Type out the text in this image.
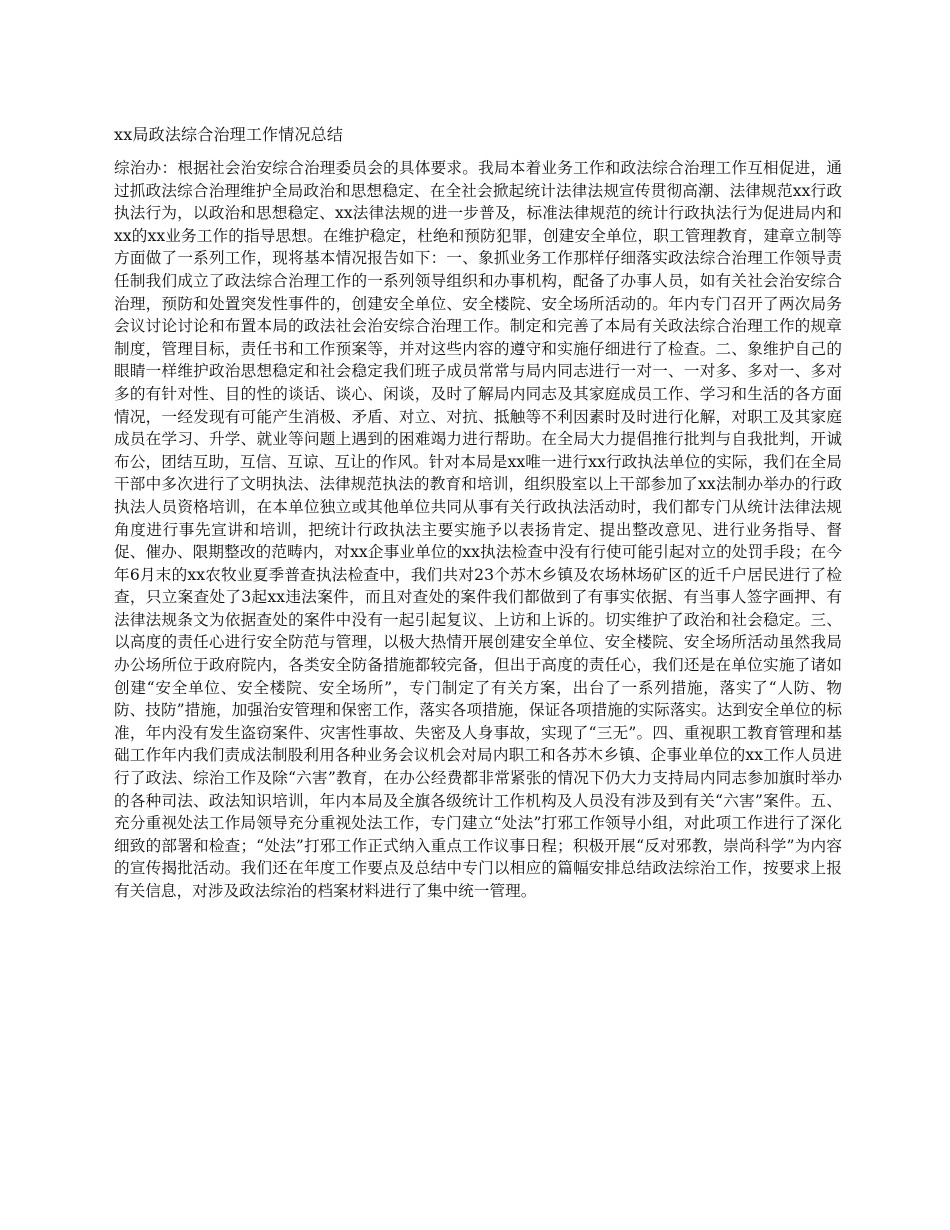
xx局政法综合治理工作情况总结

综治办：根据社会治安综合治理委员会的具体要求。我局本着业务工作和政法综合治理工作互相促进，通过抓政法综合治理维护全局政治和思想稳定、在全社会掀起统计法律法规宣传贯彻高潮、法律规范xx行政执法行为，以政治和思想稳定、xx法律法规的进一步普及，标准法律规范的统计行政执法行为促进局内和xx的xx业务工作的指导思想。在维护稳定，杜绝和预防犯罪，创建安全单位，职工管理教育，建章立制等方面做了一系列工作，现将基本情况报告如下：一、象抓业务工作那样仔细落实政法综合治理工作领导责任制我们成立了政法综合治理工作的一系列领导组织和办事机构，配备了办事人员，如有关社会治安综合治理，预防和处置突发性事件的，创建安全单位、安全楼院、安全场所活动的。年内专门召开了两次局务会议讨论讨论和布置本局的政法社会治安综合治理工作。制定和完善了本局有关政法综合治理工作的规章制度，管理目标，责任书和工作预案等，并对这些内容的遵守和实施仔细进行了检查。二、象维护自己的眼睛一样维护政治思想稳定和社会稳定我们班子成员常常与局内同志进行一对一、一对多、多对一、多对多的有针对性、目的性的谈话、谈心、闲谈，及时了解局内同志及其家庭成员工作、学习和生活的各方面情况，一经发现有可能产生消极、矛盾、对立、对抗、抵触等不利因素时及时进行化解，对职工及其家庭成员在学习、升学、就业等问题上遇到的困难竭力进行帮助。在全局大力提倡推行批判与自我批判，开诚布公，团结互助，互信、互谅、互让的作风。针对本局是xx唯一进行xx行政执法单位的实际，我们在全局干部中多次进行了文明执法、法律规范执法的教育和培训，组织股室以上干部参加了xx法制办举办的行政执法人员资格培训，在本单位独立或其他单位共同从事有关行政执法活动时，我们都专门从统计法律法规角度进行事先宣讲和培训，把统计行政执法主要实施予以表扬肯定、提出整改意见、进行业务指导、督促、催办、限期整改的范畴内，对xx企事业单位的xx执法检查中没有行使可能引起对立的处罚手段；在今年6月末的xx农牧业夏季普查执法检查中，我们共对23个苏木乡镇及农场林场矿区的近千户居民进行了检查，只立案查处了3起xx违法案件，而且对查处的案件我们都做到了有事实依据、有当事人签字画押、有法律法规条文为依据查处的案件中没有一起引起复议、上访和上诉的。切实维护了政治和社会稳定。三、以高度的责任心进行安全防范与管理，以极大热情开展创建安全单位、安全楼院、安全场所活动虽然我局办公场所位于政府院内，各类安全防备措施都较完备，但出于高度的责任心，我们还是在单位实施了诸如创建“安全单位、安全楼院、安全场所”，专门制定了有关方案，出台了一系列措施，落实了“人防、物防、技防”措施，加强治安管理和保密工作，落实各项措施，保证各项措施的实际落实。达到安全单位的标准，年内没有发生盗窃案件、灾害性事故、失密及人身事故，实现了“三无”。四、重视职工教育管理和基础工作年内我们责成法制股利用各种业务会议机会对局内职工和各苏木乡镇、企事业单位的xx工作人员进行了政法、综治工作及除“六害”教育，在办公经费都非常紧张的情况下仍大力支持局内同志参加旗时举办的各种司法、政法知识培训，年内本局及全旗各级统计工作机构及人员没有涉及到有关“六害”案件。五、充分重视处法工作局领导充分重视处法工作，专门建立“处法”打邪工作领导小组，对此项工作进行了深化细致的部署和检查；“处法”打邪工作正式纳入重点工作议事日程；积极开展“反对邪教，崇尚科学”为内容的宣传揭批活动。我们还在年度工作要点及总结中专门以相应的篇幅安排总结政法综治工作，按要求上报有关信息，对涉及政法综治的档案材料进行了集中统一管理。
